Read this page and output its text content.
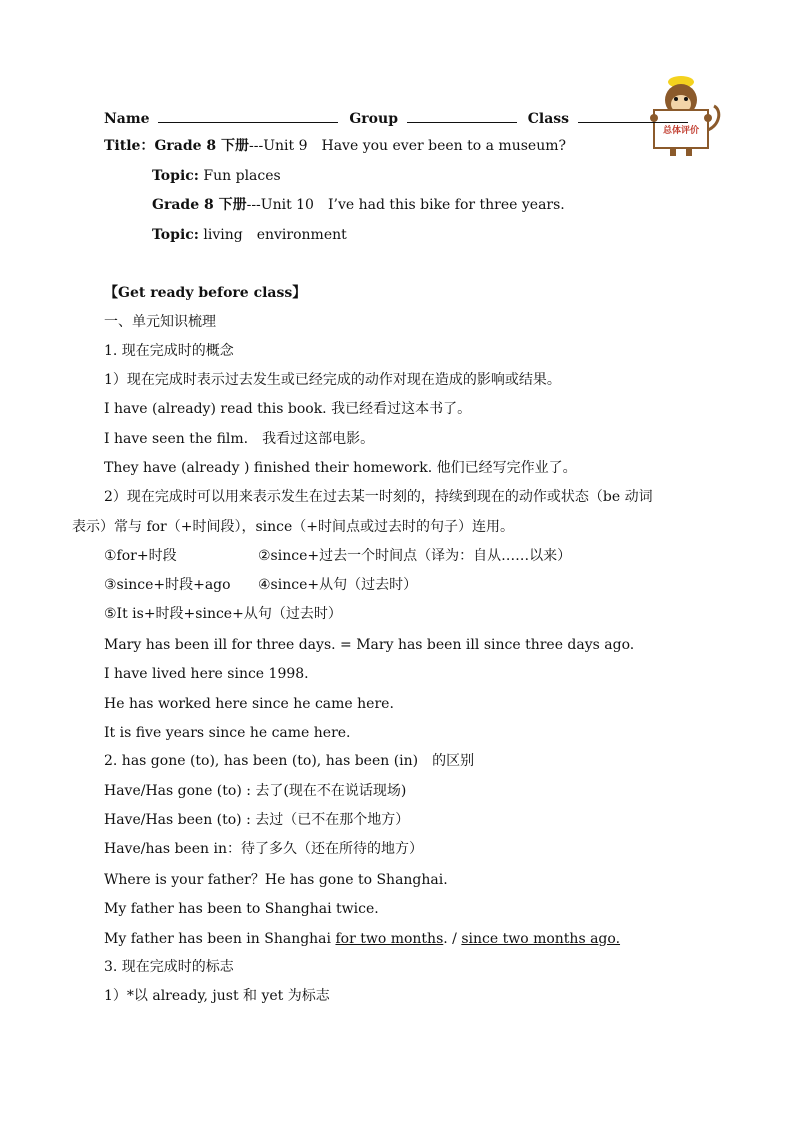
总体评价
Name	Group	Class
Title：Grade 8 下册---Unit 9　Have you ever been to a museum?
Topic: Fun places
Grade 8 下册---Unit 10　I’ve had this bike for three years.
Topic: living　environment
【Get ready before class】
一、单元知识梳理
1. 现在完成时的概念
1）现在完成时表示过去发生或已经完成的动作对现在造成的影响或结果。
I have (already) read this book. 我已经看过这本书了。
I have seen the film.　我看过这部电影。
They have (already ) finished their homework. 他们已经写完作业了。
2）现在完成时可以用来表示发生在过去某一时刻的，持续到现在的动作或状态（be 动词
表示）常与 for（+时间段），since（+时间点或过去时的句子）连用。
①for+时段	②since+过去一个时间点（译为：自从……以来）
③since+时段+ago ④since+从句（过去时）
⑤It is+时段+since+从句（过去时）
Mary has been ill for three days. = Mary has been ill since three days ago.
I have lived here since 1998.
He has worked here since he came here.
It is five years since he came here.
2. has gone (to), has been (to), has been (in)　的区别
Have/Has gone (to) : 去了(现在不在说话现场)
Have/Has been (to) : 去过（已不在那个地方）
Have/has been in：待了多久（还在所待的地方）
Where is your father？He has gone to Shanghai.
My father has been to Shanghai twice.
My father has been in Shanghai for two months. / since two months ago.
3. 现在完成时的标志
1）*以 already, just 和 yet 为标志
